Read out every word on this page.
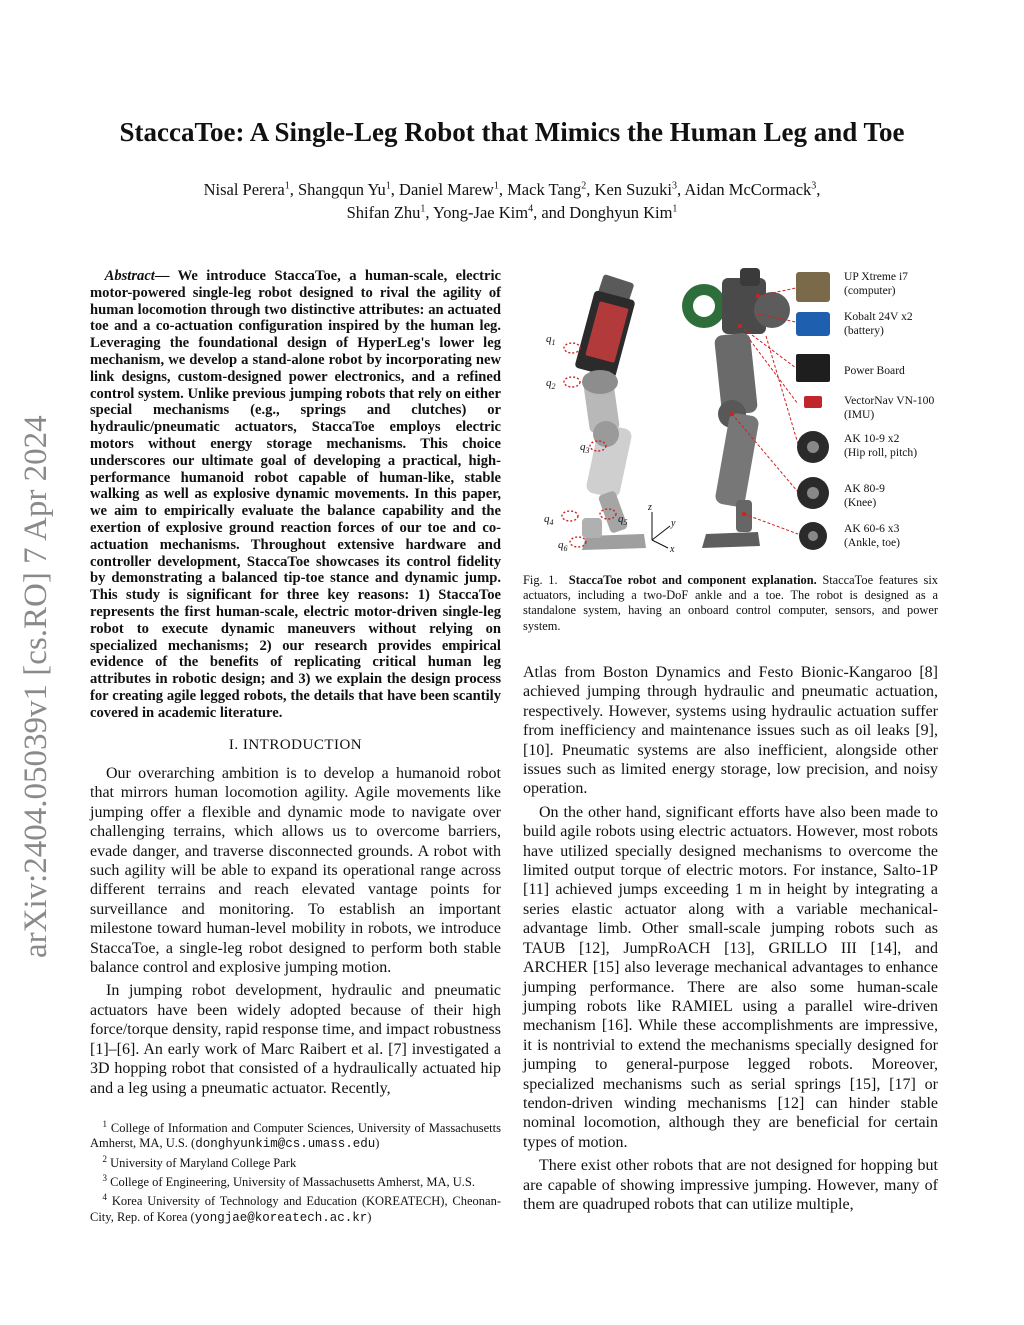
arXiv:2404.05039v1 [cs.RO] 7 Apr 2024
StaccaToe: A Single-Leg Robot that Mimics the Human Leg and Toe
Nisal Perera$^1$, Shangqun Yu$^1$, Daniel Marew$^1$, Mack Tang$^2$, Ken Suzuki$^3$, Aidan McCormack$^3$,
Shifan Zhu$^1$, Yong-Jae Kim$^4$, and Donghyun Kim$^1$
Abstract— We introduce StaccaToe, a human-scale, electric motor-powered single-leg robot designed to rival the agility of human locomotion through two distinctive attributes: an actuated toe and a co-actuation configuration inspired by the human leg. Leveraging the foundational design of HyperLeg's lower leg mechanism, we develop a stand-alone robot by incorporating new link designs, custom-designed power electronics, and a refined control system. Unlike previous jumping robots that rely on either special mechanisms (e.g., springs and clutches) or hydraulic/pneumatic actuators, StaccaToe employs electric motors without energy storage mechanisms. This choice underscores our ultimate goal of developing a practical, high-performance humanoid robot capable of human-like, stable walking as well as explosive dynamic movements. In this paper, we aim to empirically evaluate the balance capability and the exertion of explosive ground reaction forces of our toe and co-actuation mechanisms. Throughout extensive hardware and controller development, StaccaToe showcases its control fidelity by demonstrating a balanced tip-toe stance and dynamic jump. This study is significant for three key reasons: 1) StaccaToe represents the first human-scale, electric motor-driven single-leg robot to execute dynamic maneuvers without relying on specialized mechanisms; 2) our research provides empirical evidence of the benefits of replicating critical human leg attributes in robotic design; and 3) we explain the design process for creating agile legged robots, the details that have been scantily covered in academic literature.
I. INTRODUCTION

Our overarching ambition is to develop a humanoid robot that mirrors human locomotion agility. Agile movements like jumping offer a flexible and dynamic mode to navigate over challenging terrains, which allows us to overcome barriers, evade danger, and traverse disconnected grounds. A robot with such agility will be able to expand its operational range across different terrains and reach elevated vantage points for surveillance and monitoring. To establish an important milestone toward human-level mobility in robots, we introduce StaccaToe, a single-leg robot designed to perform both stable balance control and explosive jumping motion.

In jumping robot development, hydraulic and pneumatic actuators have been widely adopted because of their high force/torque density, rapid response time, and impact robustness [1]–[6]. An early work of Marc Raibert et al. [7] investigated a 3D hopping robot that consisted of a hydraulically actuated hip and a leg using a pneumatic actuator. Recently,

$^1$ College of Information and Computer Sciences, University of Massachusetts Amherst, MA, U.S. (donghyunkim@cs.umass.edu)

$^2$ University of Maryland College Park

$^3$ College of Engineering, University of Massachusetts Amherst, MA, U.S.

$^4$ Korea University of Technology and Education (KOREATECH), Cheonan-City, Rep. of Korea (yongjae@koreatech.ac.kr)

$q_1$
$q_2$
$q_3$
$q_4$	$q_5$
$q_6$
z
y
x
UP Xtreme i7
(computer)
Kobalt 24V x2
(battery)
Power Board
VectorNav VN-100
(IMU)
AK 10-9 x2
(Hip roll, pitch)
AK 80-9
(Knee)
AK 60-6 x3
(Ankle, toe)
Fig. 1. StaccaToe robot and component explanation. StaccaToe features six actuators, including a two-DoF ankle and a toe. The robot is designed as a standalone system, having an onboard control computer, sensors, and power system.

Atlas from Boston Dynamics and Festo Bionic-Kangaroo [8] achieved jumping through hydraulic and pneumatic actuation, respectively. However, systems using hydraulic actuation suffer from inefficiency and maintenance issues such as oil leaks [9], [10]. Pneumatic systems are also inefficient, alongside other issues such as limited energy storage, low precision, and noisy operation.

On the other hand, significant efforts have also been made to build agile robots using electric actuators. However, most robots have utilized specially designed mechanisms to overcome the limited output torque of electric motors. For instance, Salto-1P [11] achieved jumps exceeding 1 m in height by integrating a series elastic actuator along with a variable mechanical-advantage limb. Other small-scale jumping robots such as TAUB [12], JumpRoACH [13], GRILLO III [14], and ARCHER [15] also leverage mechanical advantages to enhance jumping performance. There are also some human-scale jumping robots like RAMIEL using a parallel wire-driven mechanism [16]. While these accomplishments are impressive, it is nontrivial to extend the mechanisms specially designed for jumping to general-purpose legged robots. Moreover, specialized mechanisms such as serial springs [15], [17] or tendon-driven winding mechanisms [12] can hinder stable nominal locomotion, although they are beneficial for certain types of motion.

There exist other robots that are not designed for hopping but are capable of showing impressive jumping. However, many of them are quadruped robots that can utilize multiple,
